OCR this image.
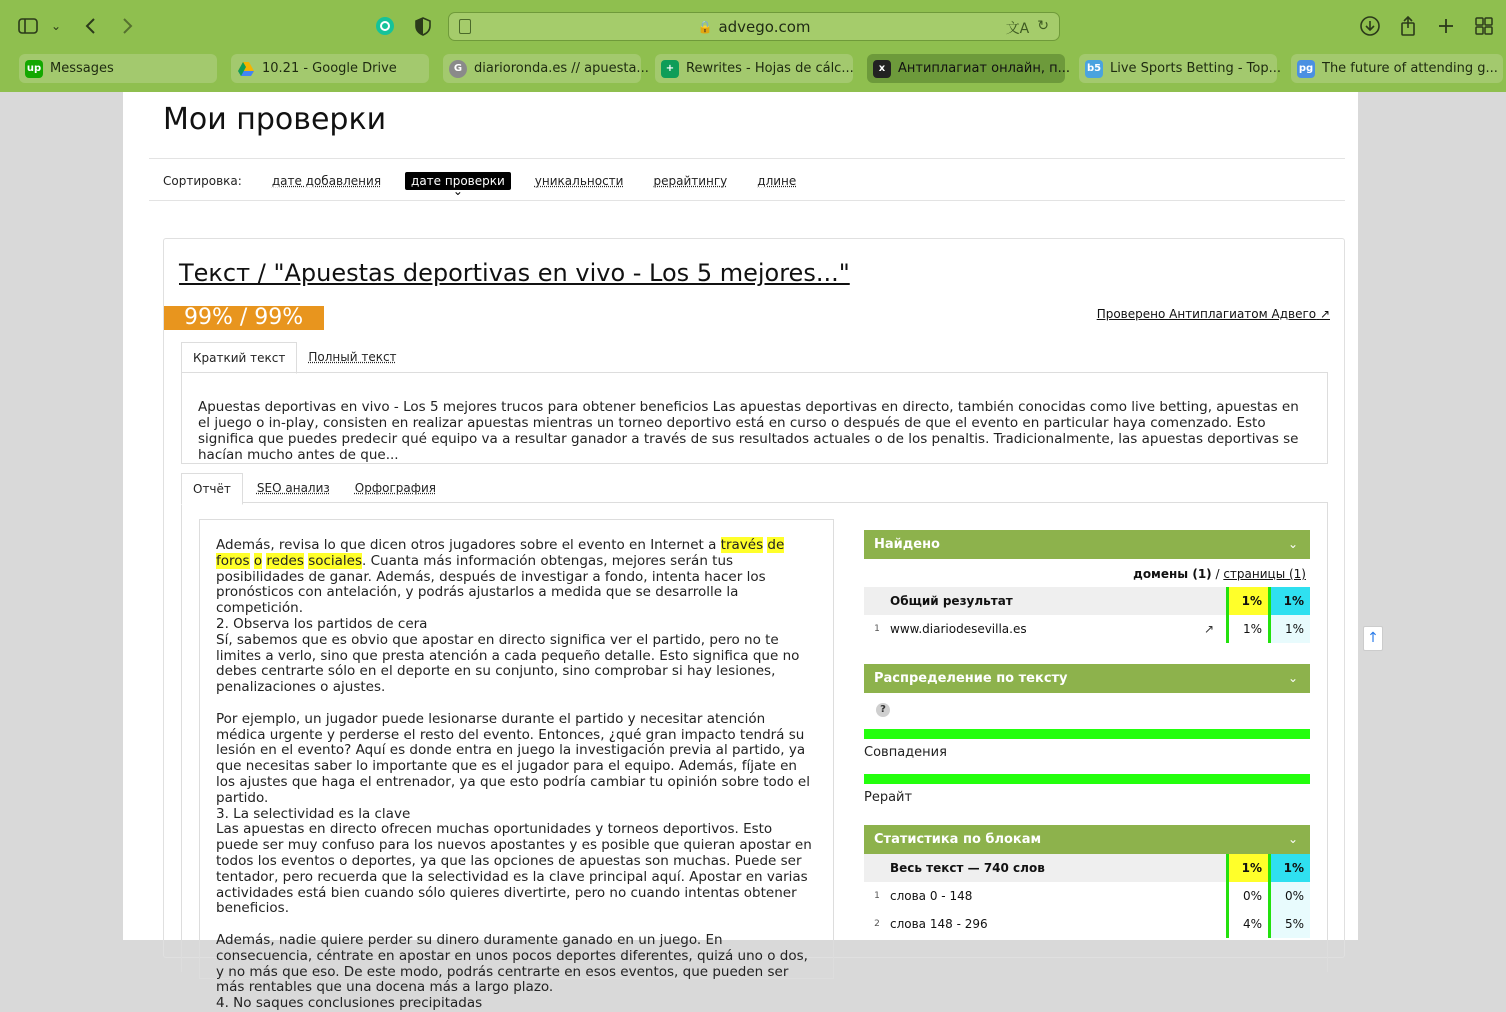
⌄	🔒 advego.com	文A ↻
up Messages	10.21 - Google Drive	G diarioronda.es // apuesta...	+ Rewrites - Hojas de cálc...	x Антиплагиат онлайн, п... b5 Live Sports Betting - Top... pg The future of attending g...
Мои проверки
Сортировка:	дате добавления	дате проверки ⌄	уникальности	рерайтингу	длине
Текст / "Apuestas deportivas en vivo - Los 5 mejores..."
99% / 99%	Проверено Антиплагиатом Адвего ↗
Краткий текст	Полный текст
Apuestas deportivas en vivo - Los 5 mejores trucos para obtener beneficios Las apuestas deportivas en directo, también conocidas como live betting, apuestas en el juego o in-play, consisten en realizar apuestas mientras un torneo deportivo está en curso o después de que el evento en particular haya comenzado. Esto significa que puedes predecir qué equipo va a resultar ganador a través de sus resultados actuales o de los penaltis. Tradicionalmente, las apuestas deportivas se hacían mucho antes de que...
Отчёт	SEO анализ	Орфография

Además, revisa lo que dicen otros jugadores sobre el evento en Internet a través de foros o redes sociales. Cuanta más información obtengas, mejores serán tus posibilidades de ganar. Además, después de investigar a fondo, intenta hacer los pronósticos con antelación, y podrás ajustarlos a medida que se desarrolle la competición.
2. Observa los partidos de cera
Sí, sabemos que es obvio que apostar en directo significa ver el partido, pero no te limites a verlo, sino que presta atención a cada pequeño detalle. Esto significa que no debes centrarte sólo en el deporte en su conjunto, sino comprobar si hay lesiones, penalizaciones o ajustes.

Por ejemplo, un jugador puede lesionarse durante el partido y necesitar atención médica urgente y perderse el resto del evento. Entonces, ¿qué gran impacto tendrá su lesión en el evento? Aquí es donde entra en juego la investigación previa al partido, ya que necesitas saber lo importante que es el jugador para el equipo. Además, fíjate en los ajustes que haga el entrenador, ya que esto podría cambiar tu opinión sobre todo el partido.
3. La selectividad es la clave
Las apuestas en directo ofrecen muchas oportunidades y torneos deportivos. Esto puede ser muy confuso para los nuevos apostantes y es posible que quieran apostar en todos los eventos o deportes, ya que las opciones de apuestas son muchas. Puede ser tentador, pero recuerda que la selectividad es la clave principal aquí. Apostar en varias actividades está bien cuando sólo quieres divertirte, pero no cuando intentas obtener beneficios.

Además, nadie quiere perder su dinero duramente ganado en un juego. En consecuencia, céntrate en apostar en unos pocos deportes diferentes, quizá uno o dos, y no más que eso. De este modo, podrás centrarte en esos eventos, que pueden ser más rentables que una docena más a largo plazo.
4. No saques conclusiones precipitadas

Найдено	⌄
домены (1) / страницы (1)
Общий результат	1%	1%
1 www.diariodesevilla.es	↗	1%	1%
Распределение по тексту	⌄
?
Совпадения
Рерайт
Статистика по блокам	⌄
Весь текст — 740 слов	1%	1%
1 слова 0 - 148	0%	0%
2 слова 148 - 296	4%	5%
↑
